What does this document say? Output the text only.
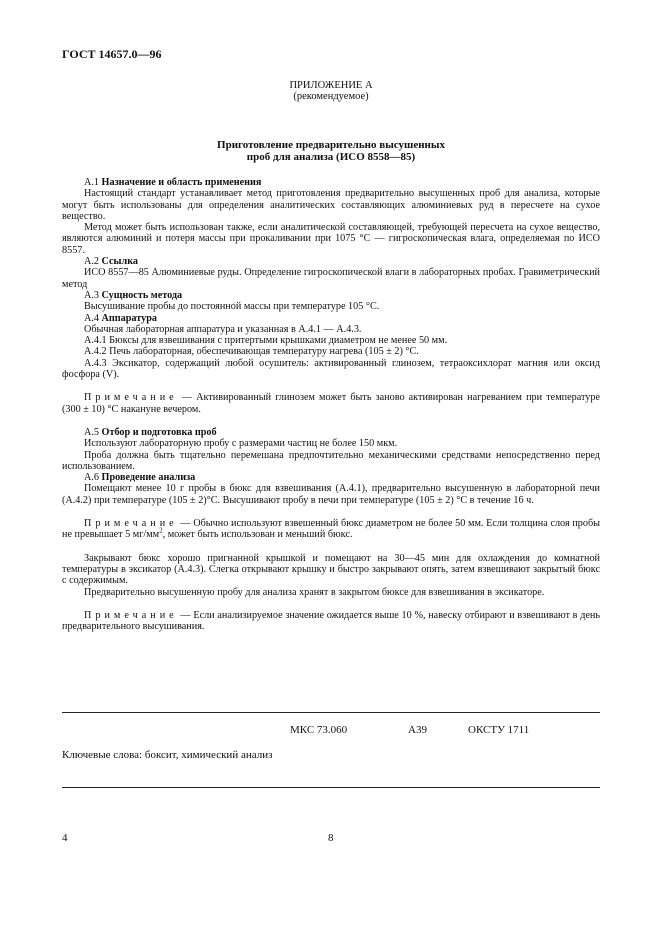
ГОСТ 14657.0—96
ПРИЛОЖЕНИЕ А
(рекомендуемое)
Приготовление предварительно высушенных
проб для анализа (ИСО 8558—85)

А.1 Назначение и область применения

Настоящий стандарт устанавливает метод приготовления предварительно высушенных проб для анализа, которые могут быть использованы для определения аналитических составляющих алюминиевых руд в пересчете на сухое вещество.

Метод может быть использован также, если аналитической составляющей, требующей пересчета на сухое вещество, являются алюминий и потеря массы при прокаливании при 1075 °С — гигроскопическая влага, определяемая по ИСО 8557.

А.2 Ссылка

ИСО 8557—85 Алюминиевые руды. Определение гигроскопической влаги в лабораторных пробах. Гравиметрический метод

А.3 Сущность метода

Высушивание пробы до постоянной массы при температуре 105 °С.

А.4 Аппаратура

Обычная лабораторная аппаратура и указанная в А.4.1 — А.4.3.

А.4.1 Бюксы для взвешивания с притертыми крышками диаметром не менее 50 мм.

А.4.2 Печь лабораторная, обеспечивающая температуру нагрева (105 ± 2) °С.

А.4.3 Эксикатор, содержащий любой осушитель: активированный глинозем, тетраоксихлорат магния или оксид фосфора (V).

Примечание — Активированный глинозем может быть заново активирован нагреванием при температуре (300 ± 10) °С накануне вечером.

А.5 Отбор и подготовка проб

Используют лабораторную пробу с размерами частиц не более 150 мкм.

Проба должна быть тщательно перемешана предпочтительно механическими средствами непосредственно перед использованием.

А.6 Проведение анализа

Помещают менее 10 г пробы в бюкс для взвешивания (А.4.1), предварительно высушенную в лабораторной печи (А.4.2) при температуре (105 ± 2)°С. Высушивают пробу в печи при температуре (105 ± 2) °С в течение 16 ч.

Примечание — Обычно используют взвешенный бюкс диаметром не более 50 мм. Если толщина слоя пробы не превышает 5 $мг/мм^2$, может быть использован и меньший бюкс.

Закрывают бюкс хорошо пригнанной крышкой и помещают на 30—45 мин для охлаждения до комнатной температуры в эксикатор (А.4.3). Слегка открывают крышку и быстро закрывают опять, затем взвешивают закрытый бюкс с содержимым.

Предварительно высушенную пробу для анализа хранят в закрытом бюксе для взвешивания в эксикаторе.

Примечание — Если анализируемое значение ожидается выше 10 %, навеску отбирают и взвешивают в день предварительного высушивания.

МКС 73.060	А39	ОКСТУ 1711
Ключевые слова: боксит, химический анализ
4	8
